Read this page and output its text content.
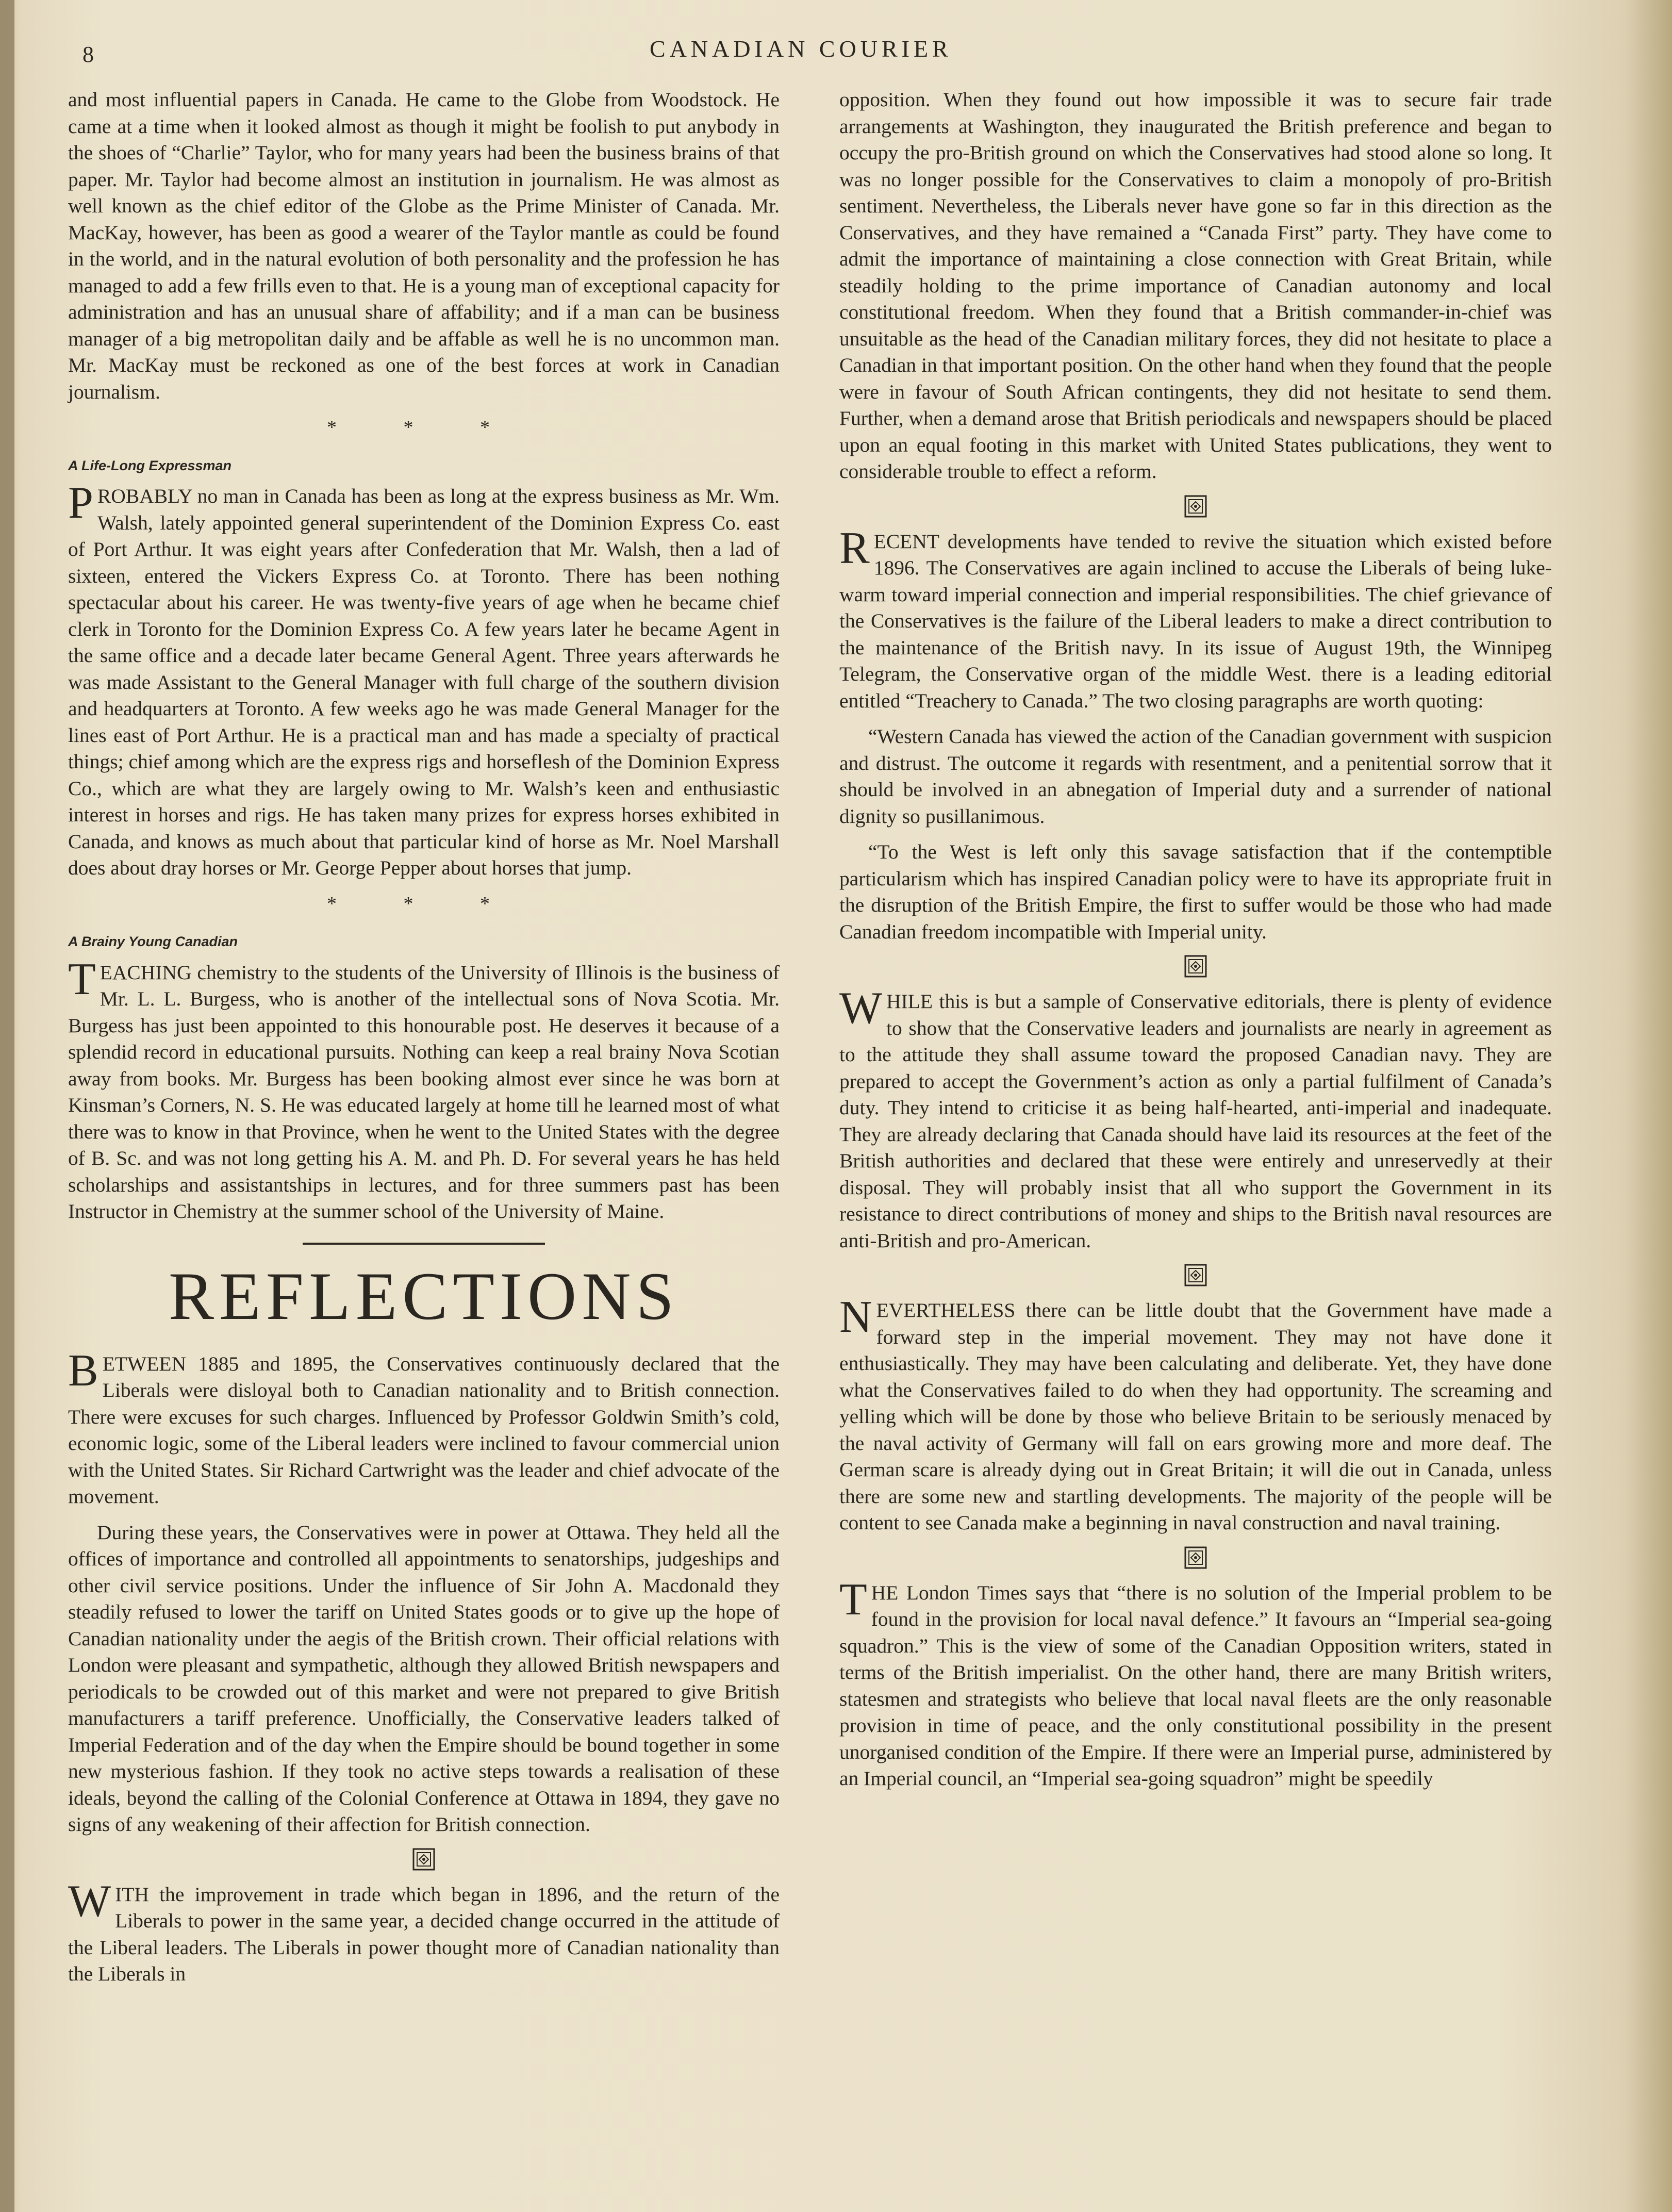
8	CANADIAN COURIER

and most influential papers in Canada. He came to the Globe from Woodstock. He came at a time when it looked almost as though it might be foolish to put anybody in the shoes of “Charlie” Taylor, who for many years had been the business brains of that paper. Mr. Taylor had become almost an institution in journalism. He was almost as well known as the chief editor of the Globe as the Prime Minister of Canada. Mr. MacKay, however, has been as good a wearer of the Taylor mantle as could be found in the world, and in the natural evolution of both personality and the profession he has managed to add a few frills even to that. He is a young man of exceptional capacity for administration and has an unusual share of affability; and if a man can be business manager of a big metropolitan daily and be affable as well he is no uncommon man. Mr. MacKay must be reckoned as one of the best forces at work in Canadian journalism.

* * *
A Life-Long Expressman

PROBABLY no man in Canada has been as long at the express business as Mr. Wm. Walsh, lately appointed general superintendent of the Dominion Express Co. east of Port Arthur. It was eight years after Confederation that Mr. Walsh, then a lad of sixteen, entered the Vickers Express Co. at Toronto. There has been nothing spectacular about his career. He was twenty-five years of age when he became chief clerk in Toronto for the Dominion Express Co. A few years later he became Agent in the same office and a decade later became General Agent. Three years afterwards he was made Assistant to the General Manager with full charge of the southern division and headquarters at Toronto. A few weeks ago he was made General Manager for the lines east of Port Arthur. He is a practical man and has made a specialty of practical things; chief among which are the express rigs and horseflesh of the Dominion Express Co., which are what they are largely owing to Mr. Walsh’s keen and enthusiastic interest in horses and rigs. He has taken many prizes for express horses exhibited in Canada, and knows as much about that particular kind of horse as Mr. Noel Marshall does about dray horses or Mr. George Pepper about horses that jump.

* * *
A Brainy Young Canadian

TEACHING chemistry to the students of the University of Illinois is the business of Mr. L. L. Burgess, who is another of the intellectual sons of Nova Scotia. Mr. Burgess has just been appointed to this honourable post. He deserves it because of a splendid record in educational pursuits. Nothing can keep a real brainy Nova Scotian away from books. Mr. Burgess has been booking almost ever since he was born at Kinsman’s Corners, N. S. He was educated largely at home till he learned most of what there was to know in that Province, when he went to the United States with the degree of B. Sc. and was not long getting his A. M. and Ph. D. For several years he has held scholarships and assistantships in lectures, and for three summers past has been Instructor in Chemistry at the summer school of the University of Maine.

REFLECTIONS

BETWEEN 1885 and 1895, the Conservatives continuously declared that the Liberals were disloyal both to Canadian nationality and to British connection. There were excuses for such charges. Influenced by Professor Goldwin Smith’s cold, economic logic, some of the Liberal leaders were inclined to favour commercial union with the United States. Sir Richard Cartwright was the leader and chief advocate of the movement.

During these years, the Conservatives were in power at Ottawa. They held all the offices of importance and controlled all appointments to senatorships, judgeships and other civil service positions. Under the influence of Sir John A. Macdonald they steadily refused to lower the tariff on United States goods or to give up the hope of Canadian nationality under the aegis of the British crown. Their official relations with London were pleasant and sympathetic, although they allowed British newspapers and periodicals to be crowded out of this market and were not prepared to give British manufacturers a tariff preference. Unofficially, the Conservative leaders talked of Imperial Federation and of the day when the Empire should be bound together in some new mysterious fashion. If they took no active steps towards a realisation of these ideals, beyond the calling of the Colonial Conference at Ottawa in 1894, they gave no signs of any weakening of their affection for British connection.

WITH the improvement in trade which began in 1896, and the return of the Liberals to power in the same year, a decided change occurred in the attitude of the Liberal leaders. The Liberals in power thought more of Canadian nationality than the Liberals in

opposition. When they found out how impossible it was to secure fair trade arrangements at Washington, they inaugurated the British preference and began to occupy the pro-British ground on which the Conservatives had stood alone so long. It was no longer possible for the Conservatives to claim a monopoly of pro-British sentiment. Nevertheless, the Liberals never have gone so far in this direction as the Conservatives, and they have remained a “Canada First” party. They have come to admit the importance of maintaining a close connection with Great Britain, while steadily holding to the prime importance of Canadian autonomy and local constitutional freedom. When they found that a British commander-in-chief was unsuitable as the head of the Canadian military forces, they did not hesitate to place a Canadian in that important position. On the other hand when they found that the people were in favour of South African contingents, they did not hesitate to send them. Further, when a demand arose that British periodicals and newspapers should be placed upon an equal footing in this market with United States publications, they went to considerable trouble to effect a reform.

RECENT developments have tended to revive the situation which existed before 1896. The Conservatives are again inclined to accuse the Liberals of being luke-warm toward imperial connection and imperial responsibilities. The chief grievance of the Conservatives is the failure of the Liberal leaders to make a direct contribution to the maintenance of the British navy. In its issue of August 19th, the Winnipeg Telegram, the Conservative organ of the middle West. there is a leading editorial entitled “Treachery to Canada.” The two closing paragraphs are worth quoting:

“Western Canada has viewed the action of the Canadian government with suspicion and distrust. The outcome it regards with resentment, and a penitential sorrow that it should be involved in an abnegation of Imperial duty and a surrender of national dignity so pusillanimous.

“To the West is left only this savage satisfaction that if the contemptible particularism which has inspired Canadian policy were to have its appropriate fruit in the disruption of the British Empire, the first to suffer would be those who had made Canadian freedom incompatible with Imperial unity.

WHILE this is but a sample of Conservative editorials, there is plenty of evidence to show that the Conservative leaders and journalists are nearly in agreement as to the attitude they shall assume toward the proposed Canadian navy. They are prepared to accept the Government’s action as only a partial fulfilment of Canada’s duty. They intend to criticise it as being half-hearted, anti-imperial and inadequate. They are already declaring that Canada should have laid its resources at the feet of the British authorities and declared that these were entirely and unreservedly at their disposal. They will probably insist that all who support the Government in its resistance to direct contributions of money and ships to the British naval resources are anti-British and pro-American.

NEVERTHELESS there can be little doubt that the Government have made a forward step in the imperial movement. They may not have done it enthusiastically. They may have been calculating and deliberate. Yet, they have done what the Conservatives failed to do when they had opportunity. The screaming and yelling which will be done by those who believe Britain to be seriously menaced by the naval activity of Germany will fall on ears growing more and more deaf. The German scare is already dying out in Great Britain; it will die out in Canada, unless there are some new and startling developments. The majority of the people will be content to see Canada make a beginning in naval construction and naval training.

THE London Times says that “there is no solution of the Imperial problem to be found in the provision for local naval defence.” It favours an “Imperial sea-going squadron.” This is the view of some of the Canadian Opposition writers, stated in terms of the British imperialist. On the other hand, there are many British writers, statesmen and strategists who believe that local naval fleets are the only reasonable provision in time of peace, and the only constitutional possibility in the present unorganised condition of the Empire. If there were an Imperial purse, administered by an Imperial council, an “Imperial sea-going squadron” might be speedily
